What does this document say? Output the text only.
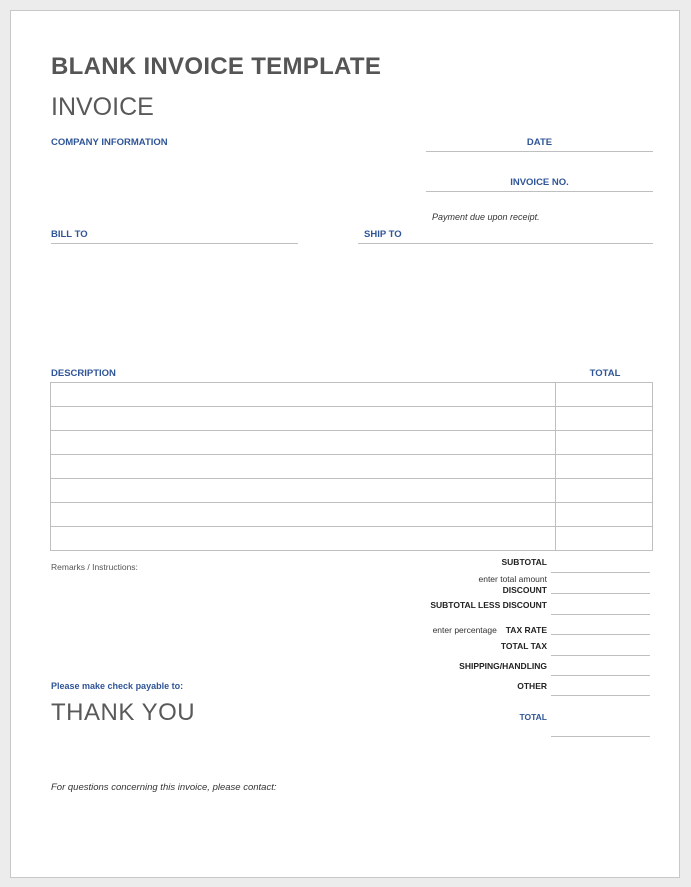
BLANK INVOICE TEMPLATE
INVOICE
COMPANY INFORMATION	DATE
INVOICE NO.
Payment due upon receipt.
BILL TO	SHIP TO
DESCRIPTION	TOTAL

Remarks / Instructions:	SUBTOTAL
enter total amount
DISCOUNT
SUBTOTAL LESS DISCOUNT
enter percentage TAX RATE
TOTAL TAX
SHIPPING/HANDLING
OTHER
TOTAL
Please make check payable to:
THANK YOU
For questions concerning this invoice, please contact:
